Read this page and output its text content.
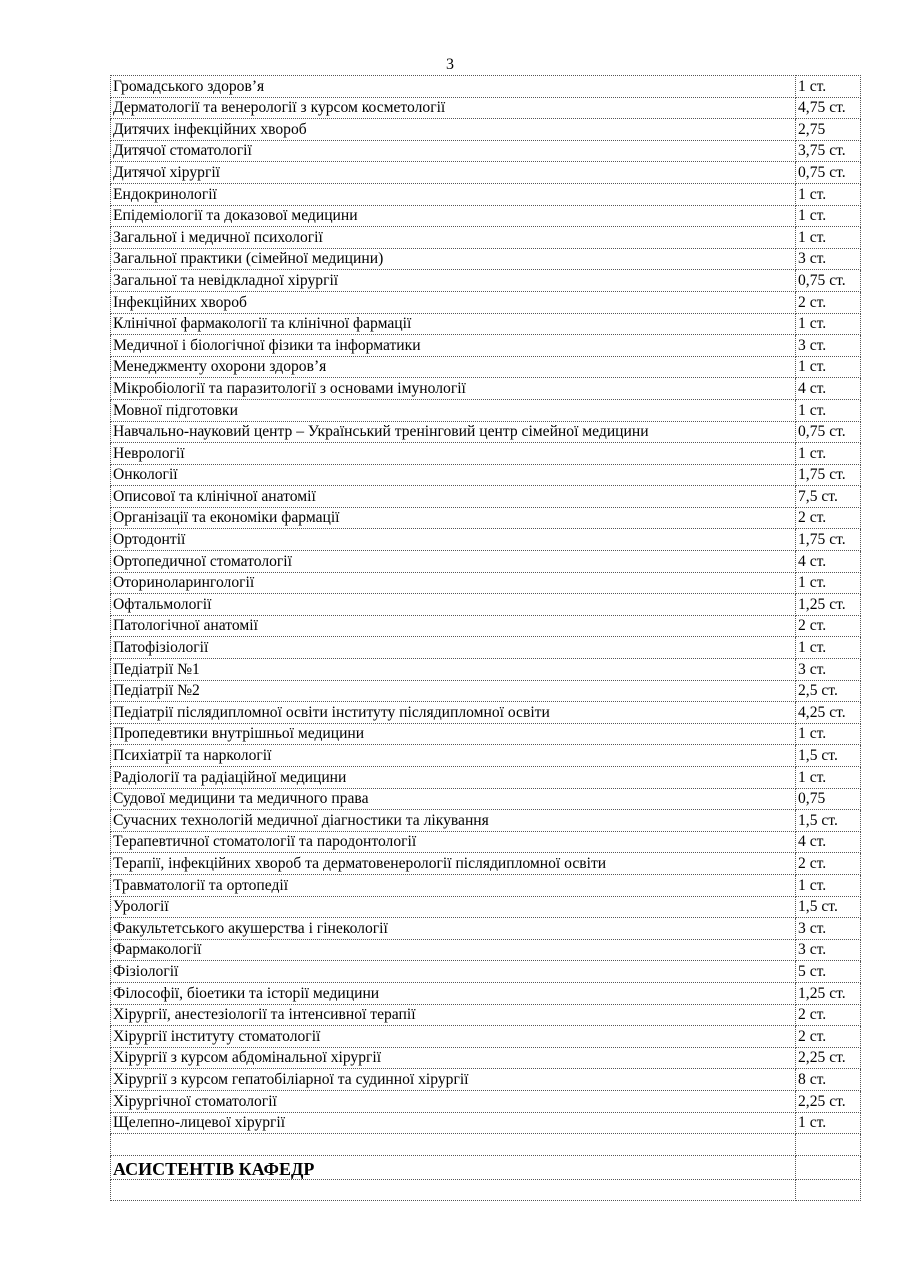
3
Громадського здоров’я	1 ст.
Дерматології та венерології з курсом косметології	4,75 ст.
Дитячих інфекційних хвороб	2,75
Дитячої стоматології	3,75 ст.
Дитячої хірургії	0,75 ст.
Ендокринології	1 ст.
Епідеміології та доказової медицини	1 ст.
Загальної і медичної психології	1 ст.
Загальної практики (сімейної медицини)	3 ст.
Загальної та невідкладної хірургії	0,75 ст.
Інфекційних хвороб	2 ст.
Клінічної фармакології та клінічної фармації	1 ст.
Медичної і біологічної фізики та інформатики	3 ст.
Менеджменту охорони здоров’я	1 ст.
Мікробіології та паразитології з основами імунології	4 ст.
Мовної підготовки	1 ст.
Навчально-науковий центр – Український тренінговий центр сімейної медицини	0,75 ст.
Неврології	1 ст.
Онкології	1,75 ст.
Описової та клінічної анатомії	7,5 ст.
Організації та економіки фармації	2 ст.
Ортодонтії	1,75 ст.
Ортопедичної стоматології	4 ст.
Оториноларингології	1 ст.
Офтальмології	1,25 ст.
Патологічної анатомії	2 ст.
Патофізіології	1 ст.
Педіатрії №1	3 ст.
Педіатрії №2	2,5 ст.
Педіатрії післядипломної освіти інституту післядипломної освіти	4,25 ст.
Пропедевтики внутрішньої медицини	1 ст.
Психіатрії та наркології	1,5 ст.
Радіології та радіаційної медицини	1 ст.
Судової медицини та медичного права	0,75
Сучасних технологій медичної діагностики та лікування	1,5 ст.
Терапевтичної стоматології та пародонтології	4 ст.
Терапії, інфекційних хвороб та дерматовенерології післядипломної освіти	2 ст.
Травматології та ортопедії	1 ст.
Урології	1,5 ст.
Факультетського акушерства і гінекології	3 ст.
Фармакології	3 ст.
Фізіології	5 ст.
Філософії, біоетики та історії медицини	1,25 ст.
Хірургії, анестезіології та інтенсивної терапії	2 ст.
Хірургії інституту стоматології	2 ст.
Хірургії з курсом абдомінальної хірургії	2,25 ст.
Хірургії з курсом гепатобіліарної та судинної хірургії	8 ст.
Хірургічної стоматології	2,25 ст.
Щелепно-лицевої хірургії	1 ст.

АСИСТЕНТІВ КАФЕДР	
